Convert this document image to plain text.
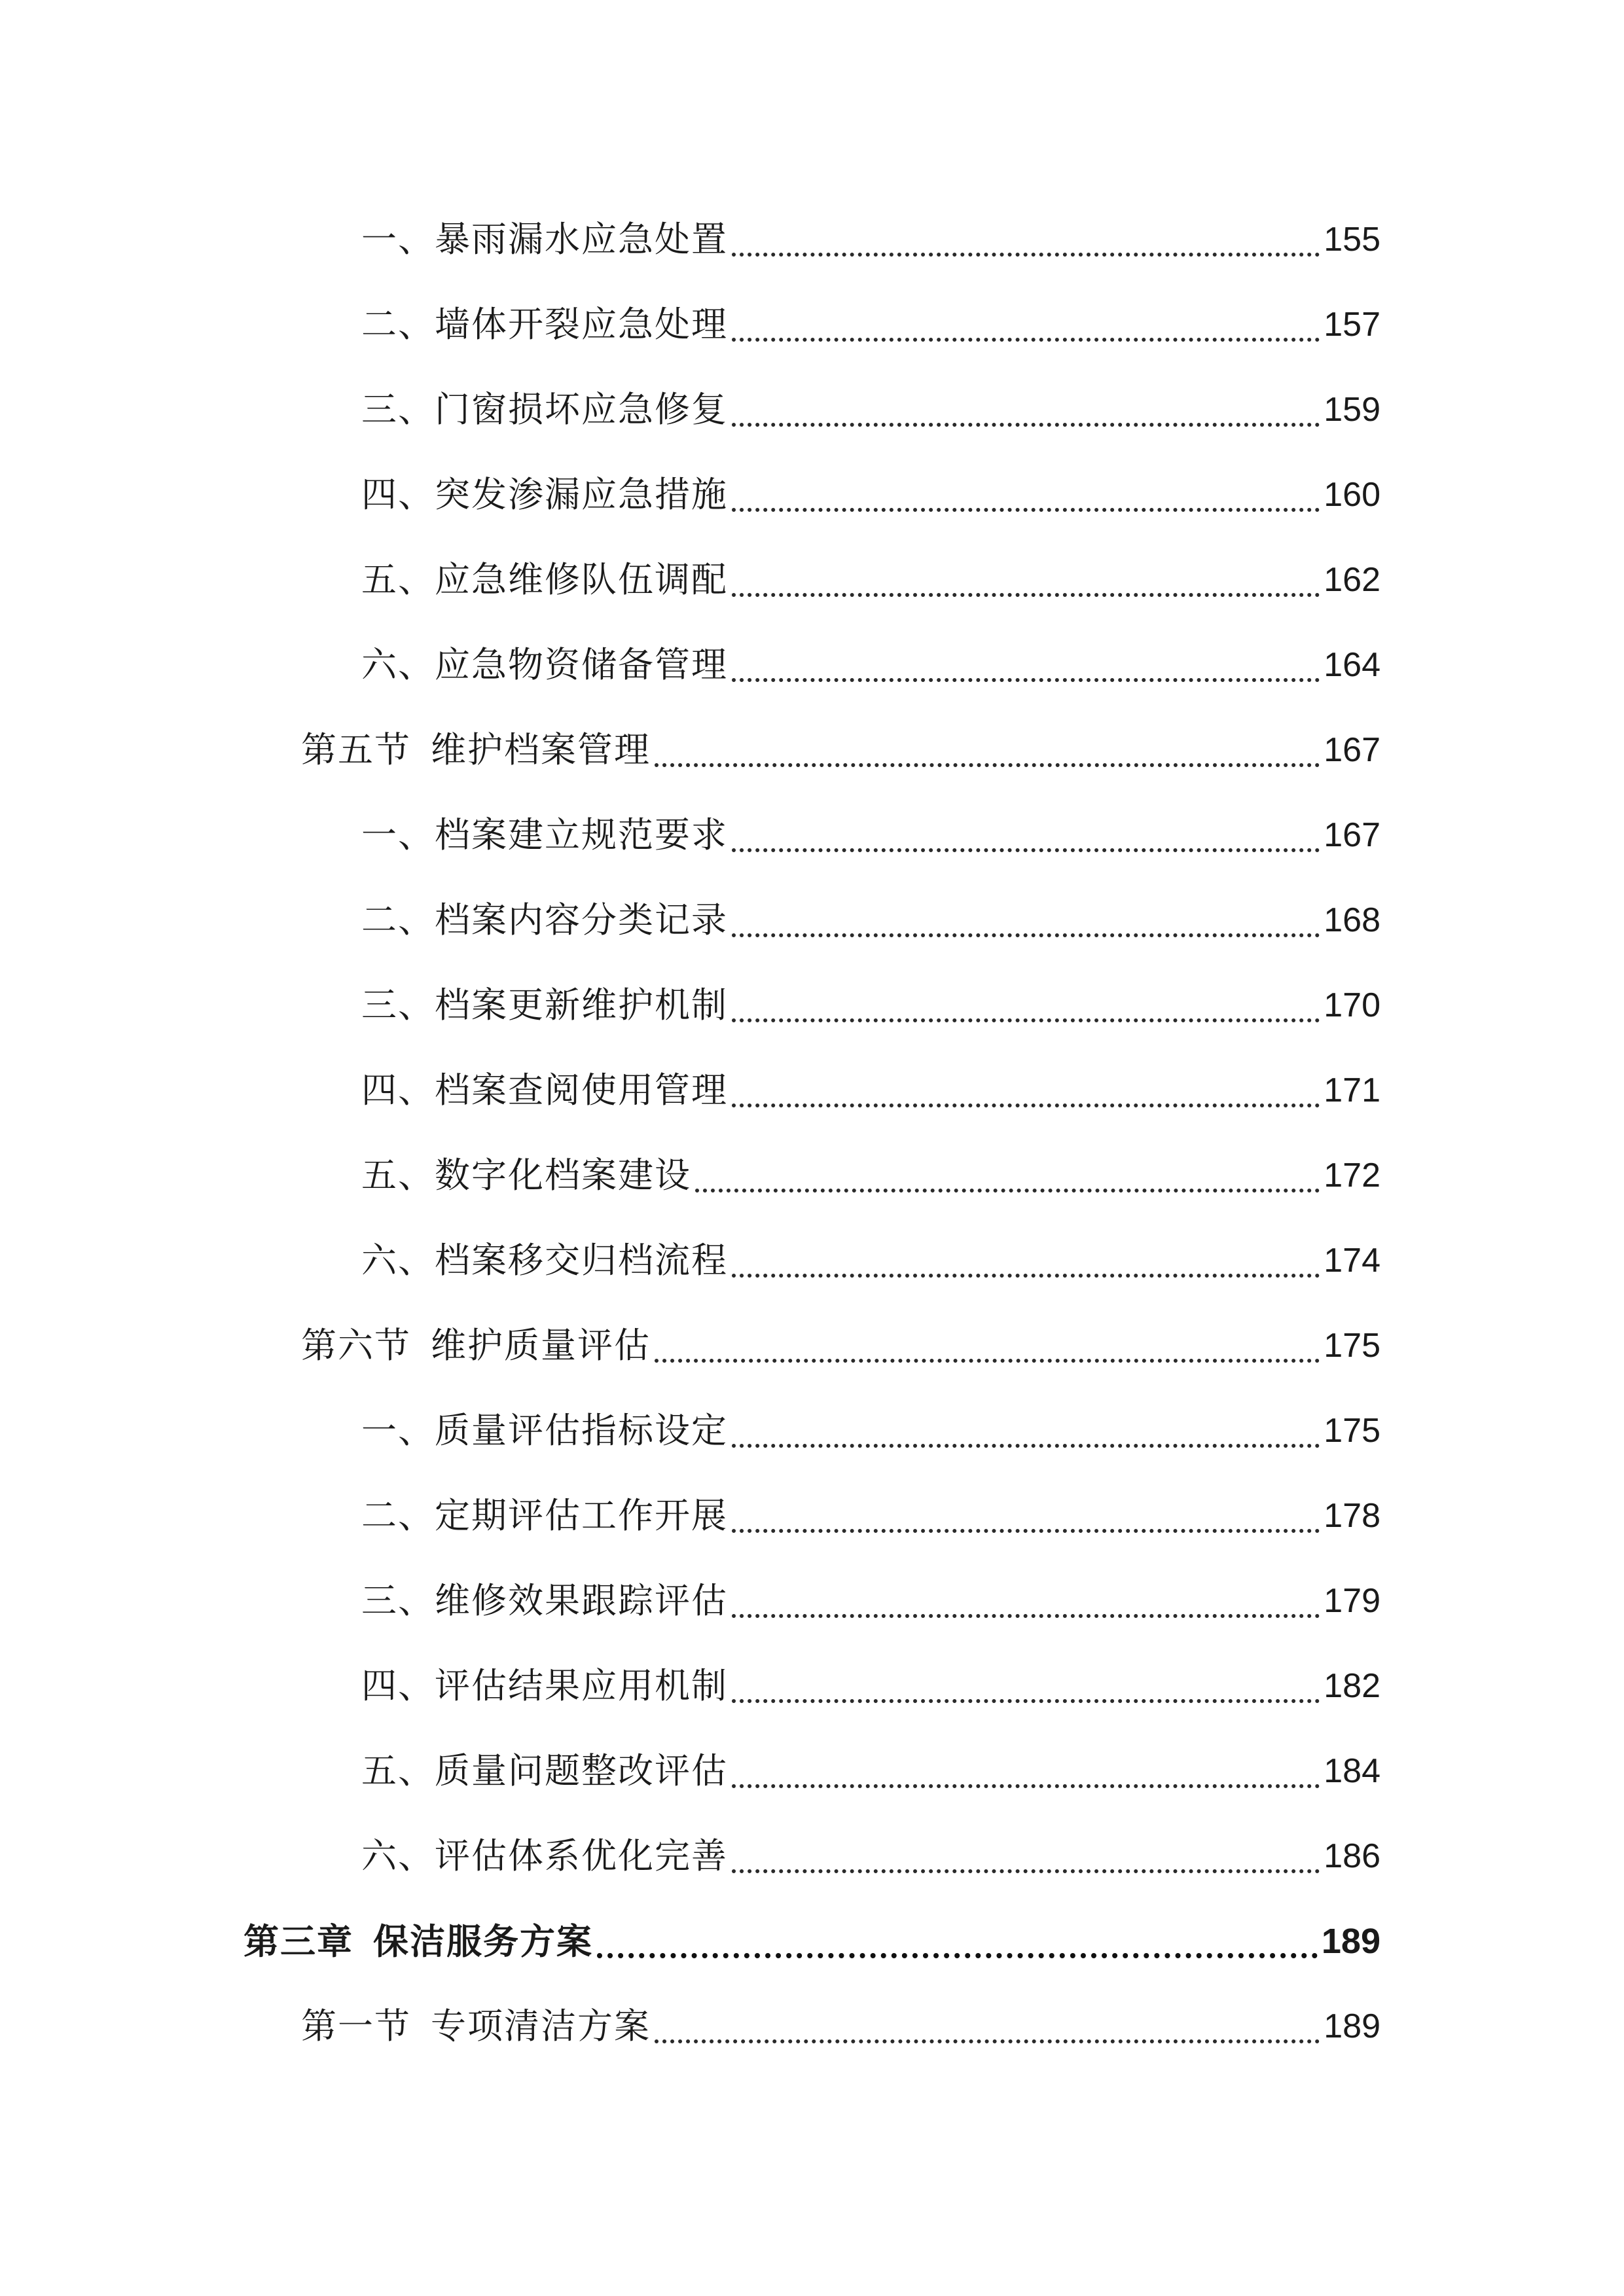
一、暴雨漏水应急处置	155
二、墙体开裂应急处理	157
三、门窗损坏应急修复	159
四、突发渗漏应急措施	160
五、应急维修队伍调配	162
六、应急物资储备管理	164
第五节 维护档案管理	167
一、档案建立规范要求	167
二、档案内容分类记录	168
三、档案更新维护机制	170
四、档案查阅使用管理	171
五、数字化档案建设	172
六、档案移交归档流程	174
第六节 维护质量评估	175
一、质量评估指标设定	175
二、定期评估工作开展	178
三、维修效果跟踪评估	179
四、评估结果应用机制	182
五、质量问题整改评估	184
六、评估体系优化完善	186
第三章 保洁服务方案	189
第一节 专项清洁方案	189
